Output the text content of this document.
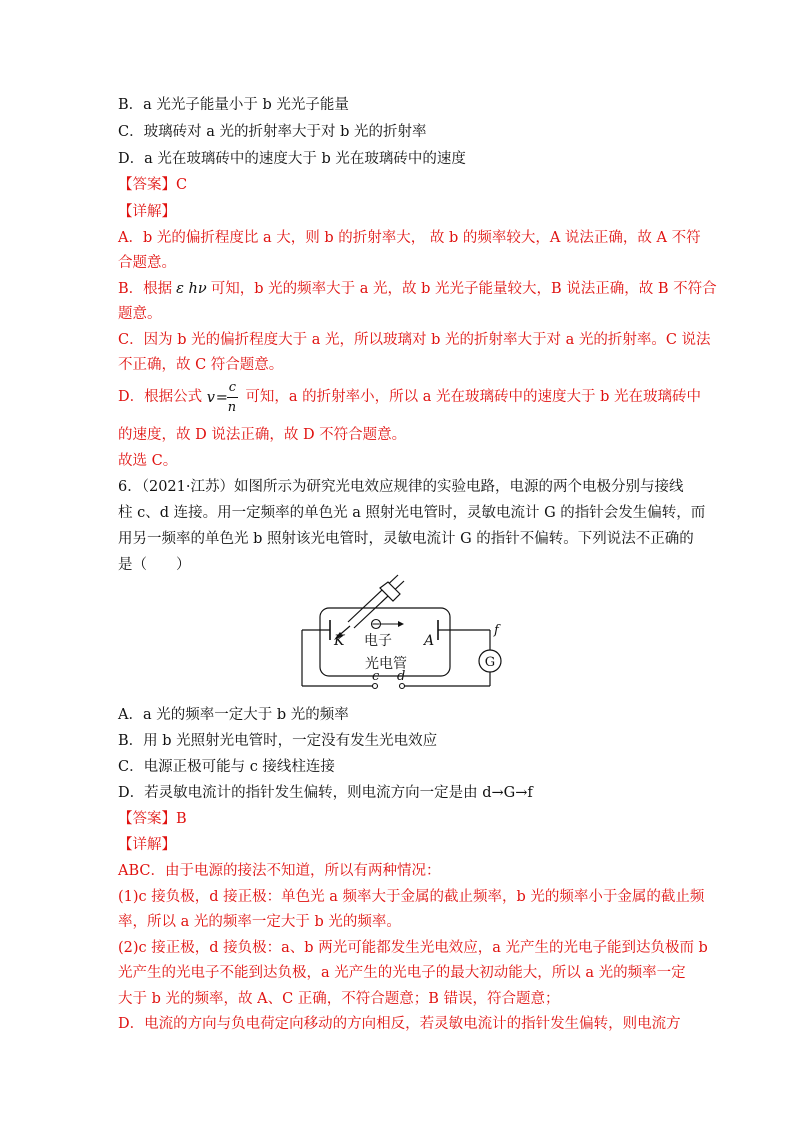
B．a 光光子能量小于 b 光光子能量
C．玻璃砖对 a 光的折射率大于对 b 光的折射率
D．a 光在玻璃砖中的速度大于 b 光在玻璃砖中的速度
【答案】C
【详解】
A．b 光的偏折程度比 a 大，则 b 的折射率大， 故 b 的频率较大，A 说法正确，故 A 不符
合题意。
B．根据 ε hν 可知，b 光的频率大于 a 光，故 b 光光子能量较大，B 说法正确，故 B 不符合
题意。
C．因为 b 光的偏折程度大于 a 光，所以玻璃对 b 光的折射率大于对 a 光的折射率。C 说法
不正确，故 C 符合题意。
D．根据公式 v =
c
n
可知，a 的折射率小，所以 a 光在玻璃砖中的速度大于 b 光在玻璃砖中
的速度，故 D 说法正确，故 D 不符合题意。
故选 C。
6．（2021·江苏）如图所示为研究光电效应规律的实验电路，电源的两个电极分别与接线
柱 c、d 连接。用一定频率的单色光 a 照射光电管时，灵敏电流计 G 的指针会发生偏转，而
用另一频率的单色光 b 照射该光电管时，灵敏电流计 G 的指针不偏转。下列说法不正确的
是（　　）
G
K	A
电子
光电管
f
c d
A．a 光的频率一定大于 b 光的频率
B．用 b 光照射光电管时，一定没有发生光电效应
C．电源正极可能与 c 接线柱连接
D．若灵敏电流计的指针发生偏转，则电流方向一定是由 d→G→f
【答案】B
【详解】
ABC．由于电源的接法不知道，所以有两种情况：
(1)c 接负极，d 接正极：单色光 a 频率大于金属的截止频率，b 光的频率小于金属的截止频
率，所以 a 光的频率一定大于 b 光的频率。
(2)c 接正极，d 接负极：a、b 两光可能都发生光电效应，a 光产生的光电子能到达负极而 b
光产生的光电子不能到达负极，a 光产生的光电子的最大初动能大，所以 a 光的频率一定
大于 b 光的频率，故 A、C 正确，不符合题意；B 错误，符合题意；
D．电流的方向与负电荷定向移动的方向相反，若灵敏电流计的指针发生偏转，则电流方
